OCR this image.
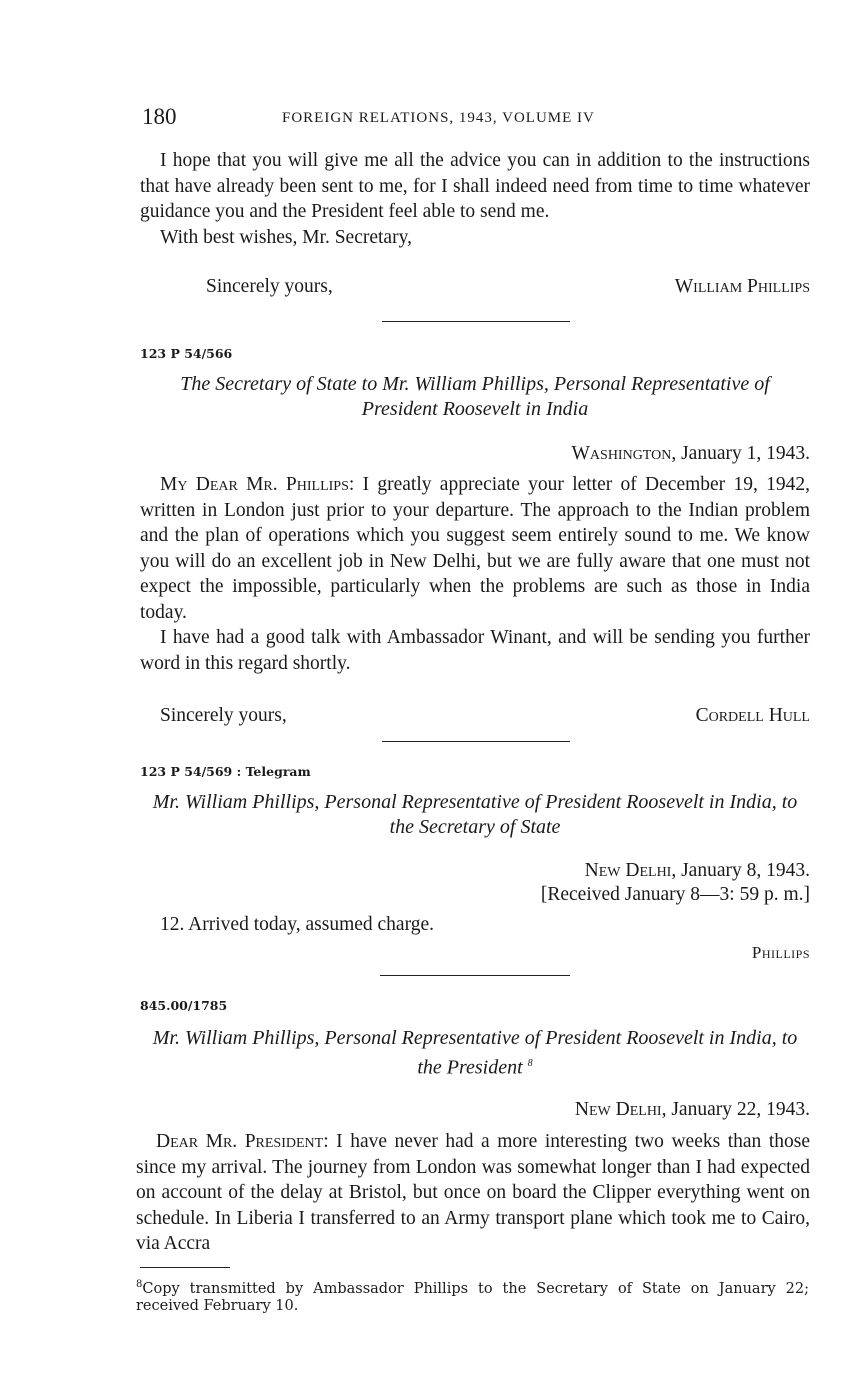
180	FOREIGN RELATIONS, 1943, VOLUME IV

I hope that you will give me all the advice you can in addition to the instructions that have already been sent to me, for I shall indeed need from time to time whatever guidance you and the President feel able to send me.

With best wishes, Mr. Secretary,

Sincerely yours,	William Phillips
123 P 54/566

The Secretary of State to Mr. William Phillips, Personal Representative of President Roosevelt in India

Washington, January 1, 1943.

My Dear Mr. Phillips: I greatly appreciate your letter of December 19, 1942, written in London just prior to your departure. The approach to the Indian problem and the plan of operations which you suggest seem entirely sound to me. We know you will do an excellent job in New Delhi, but we are fully aware that one must not expect the impossible, particularly when the problems are such as those in India today.

I have had a good talk with Ambassador Winant, and will be sending you further word in this regard shortly.

Sincerely yours,	Cordell Hull
123 P 54/569 : Telegram

Mr. William Phillips, Personal Representative of President Roosevelt in India, to the Secretary of State

New Delhi, January 8, 1943.
[Received January 8—3: 59 p. m.]

12. Arrived today, assumed charge.

Phillips
845.00/1785

Mr. William Phillips, Personal Representative of President Roosevelt in India, to the President $^8$

New Delhi, January 22, 1943.

Dear Mr. President: I have never had a more interesting two weeks than those since my arrival. The journey from London was somewhat longer than I had expected on account of the delay at Bristol, but once on board the Clipper everything went on schedule. In Liberia I transferred to an Army transport plane which took me to Cairo, via Accra

$^8$Copy transmitted by Ambassador Phillips to the Secretary of State on January 22; received February 10.
